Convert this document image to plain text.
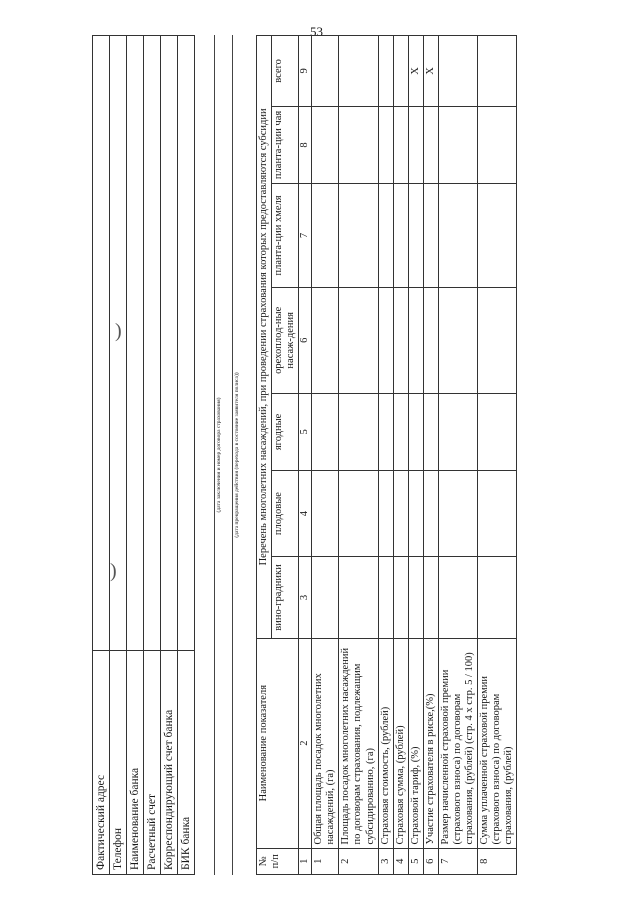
53
)
)
Фактический адрес	
Телефон	
Наименование банка	
Расчетный счет	
Корреспондирующий счет банка	
БИК банка	
(дата заключения и номер договора страхования) (дата прекращения действия (перехода в состояние заявителя полиса))
№ п/п	Наименование показателя	Перечень многолетних насаждений, при проведении страхования которых предоставляются субсидии						
		вино-градники	плодовые	ягодные	орехоплод-ные насаж-дения	планта-ции хмеля	планта-ции чая	всего
1	2	3	4	5	6	7	8	9
1	Общая площадь посадок многолетних насаждений, (га)							
2	Площадь посадок многолетних насаждений по договорам страхования, подлежащим субсидированию, (га)							
3	Страховая стоимость, (рублей)							
4	Страховая сумма, (рублей)							
5	Страховой тариф, (%)							Х
6	Участие страхователя в риске,(%)							Х
7	Размер начисленной страховой премии (страхового взноса) по договорам страхования, (рублей) (стр. 4 х стр. 5 / 100)							
8	Сумма уплаченной страховой премии (страхового взноса) по договорам страхования, (рублей)							
